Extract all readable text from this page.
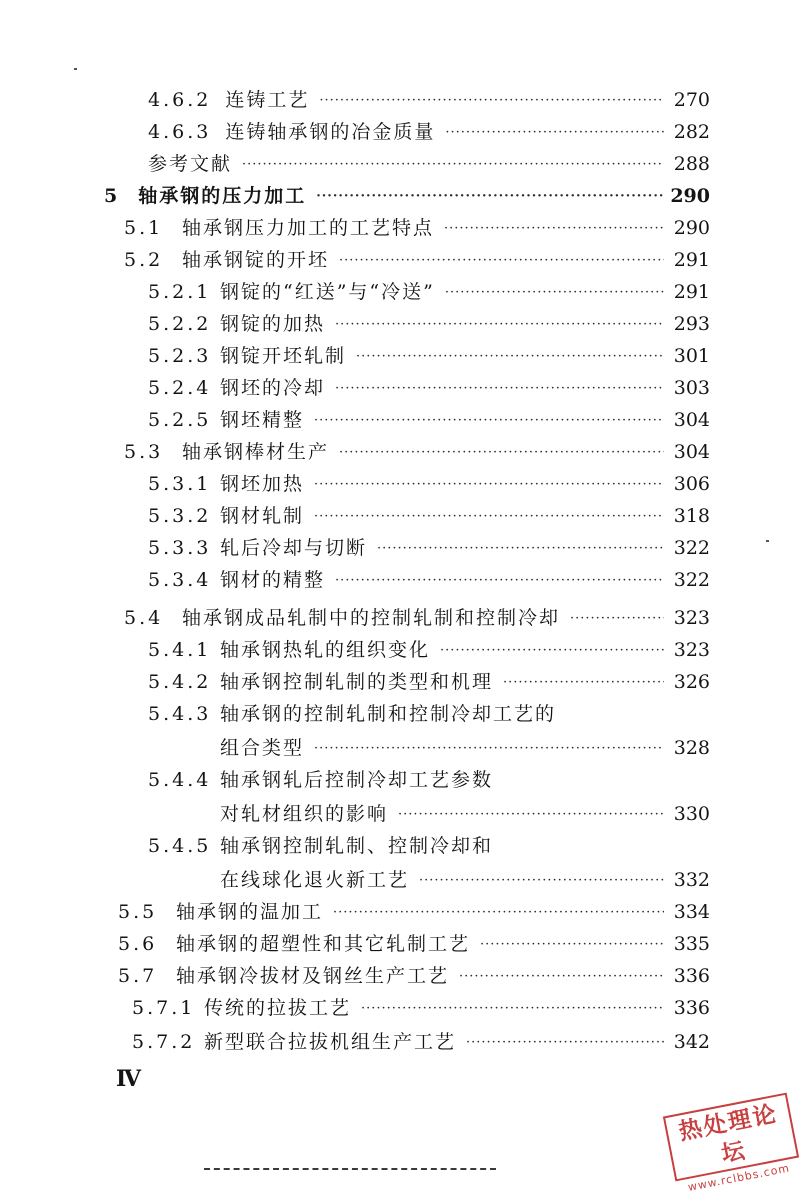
4.6.2 连铸工艺 ·····	270
4.6.3 连铸轴承钢的冶金质量 ·····	282
参考文献 ·····	288
5 轴承钢的压力加工 ·····	290
5.1 轴承钢压力加工的工艺特点 ·····	290
5.2 轴承钢锭的开坯 ·····	291
5.2.1 钢锭的“红送”与“冷送” ·····	291
5.2.2 钢锭的加热 ·····	293
5.2.3 钢锭开坯轧制 ·····	301
5.2.4 钢坯的冷却 ·····	303
5.2.5 钢坯精整 ·····	304
5.3 轴承钢棒材生产 ·····	304
5.3.1 钢坯加热 ·····	306
5.3.2 钢材轧制 ·····	318
5.3.3 轧后冷却与切断 ·····	322
5.3.4 钢材的精整 ·····	322
5.4 轴承钢成品轧制中的控制轧制和控制冷却 ·····	323
5.4.1 轴承钢热轧的组织变化 ·····	323
5.4.2 轴承钢控制轧制的类型和机理 ·····	326
5.4.3 轴承钢的控制轧制和控制冷却工艺的
组合类型 ·····	328
5.4.4 轴承钢轧后控制冷却工艺参数
对轧材组织的影响 ·····	330
5.4.5 轴承钢控制轧制、控制冷却和
在线球化退火新工艺 ·····	332
5.5 轴承钢的温加工 ·····	334
5.6 轴承钢的超塑性和其它轧制工艺 ·····	335
5.7 轴承钢冷拔材及钢丝生产工艺 ·····	336
5.7.1 传统的拉拔工艺 ·····	336
5.7.2 新型联合拉拔机组生产工艺 ·····	342
Ⅳ
热处理论坛
www.rclbbs.com
